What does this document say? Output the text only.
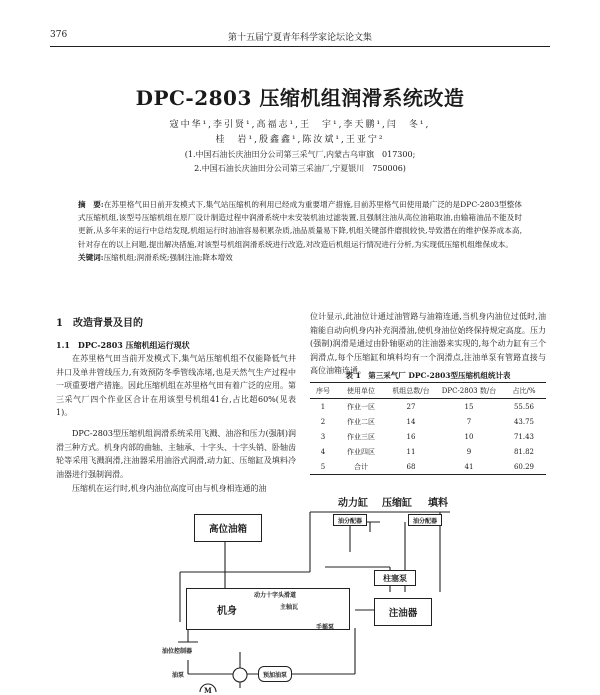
376	第十五届宁夏青年科学家论坛论文集
DPC-2803 压缩机组润滑系统改造
寇中华¹,李引贤¹,高福志¹,王　宇¹,李天鹏¹,闫　冬¹,
桂　岩¹,殷鑫鑫¹,陈汝斌¹,王亚宁²
(1.中国石油长庆油田分公司第三采气厂,内蒙古乌审旗　017300;
2.中国石油长庆油田分公司第三采油厂,宁夏银川　750006)
摘　要:在苏里格气田日前开发模式下,集气站压缩机的利用已经成为重要增产措施,目前苏里格气田使用最广泛的是DPC-2803型整体式压缩机组,该型号压缩机组在原厂设计制造过程中润滑系统中未安装机油过滤装置,且强制注油从高位油箱取油,由输箱油品不能及时更新,从多年来的运行中总结发现,机组运行时油油容易积累杂质,油品质量易下降,机组关键部件磨损较快,导致潜在的维护保养成本高,针对存在的以上问题,提出解决措施,对该型号机组润滑系统进行改造,对改造后机组运行情况进行分析,为实现低压缩机组维保成本。
关键词:压缩机组;润滑系统;强制注油;降本增效
1　改造背景及目的
1.1　DPC-2803 压缩机组运行现状
在苏里格气田当前开发模式下,集气站压缩机组不仅能降低气井井口及单井管线压力,有效预防冬季管线冻堵,也是天然气生产过程中一项重要增产措施。因此压缩机组在苏里格气田有着广泛的应用。第三采气厂四个作业区合计在用该型号机组41台,占比超60%(见表1)。
DPC-2803型压缩机组润滑系统采用飞溅、油浴和压力(强制)润滑三种方式。机身内部的曲轴、主轴承、十字头、十字头销、卧轴齿轮等采用飞溅润滑,注油器采用油浴式润滑,动力缸、压缩缸及填料冷油器进行强制润滑。
压缩机在运行时,机身内油位高度可由与机身相连通的油
位计显示,此油位计通过油管路与油箱连通,当机身内油位过低时,油箱能自动向机身内补充润滑油,使机身油位始终保持规定高度。压力(强制)润滑是通过由卧轴驱动的注油器来实现的,每个动力缸有三个润滑点,每个压缩缸和填料均有一个润滑点,注油单泵有管路直接与高位油箱连通。
表 1　第三采气厂 DPC-2803型压缩机组统计表
序号	使用单位	机组总数/台	DPC-2803 数/台	占比/%
1	作业一区	27	15	55.56
2	作业二区	14	7	43.75
3	作业三区	16	10	71.43
4	作业四区	11	9	81.82
5	合计	68	41	60.29
高位油箱
动力缸 压缩缸 填料
油分配器	油分配器
柱塞泵
注油器
机身
动力十字头滑道
主轴瓦
油位控制器
手摇泵
油泵	预加油泵
M
